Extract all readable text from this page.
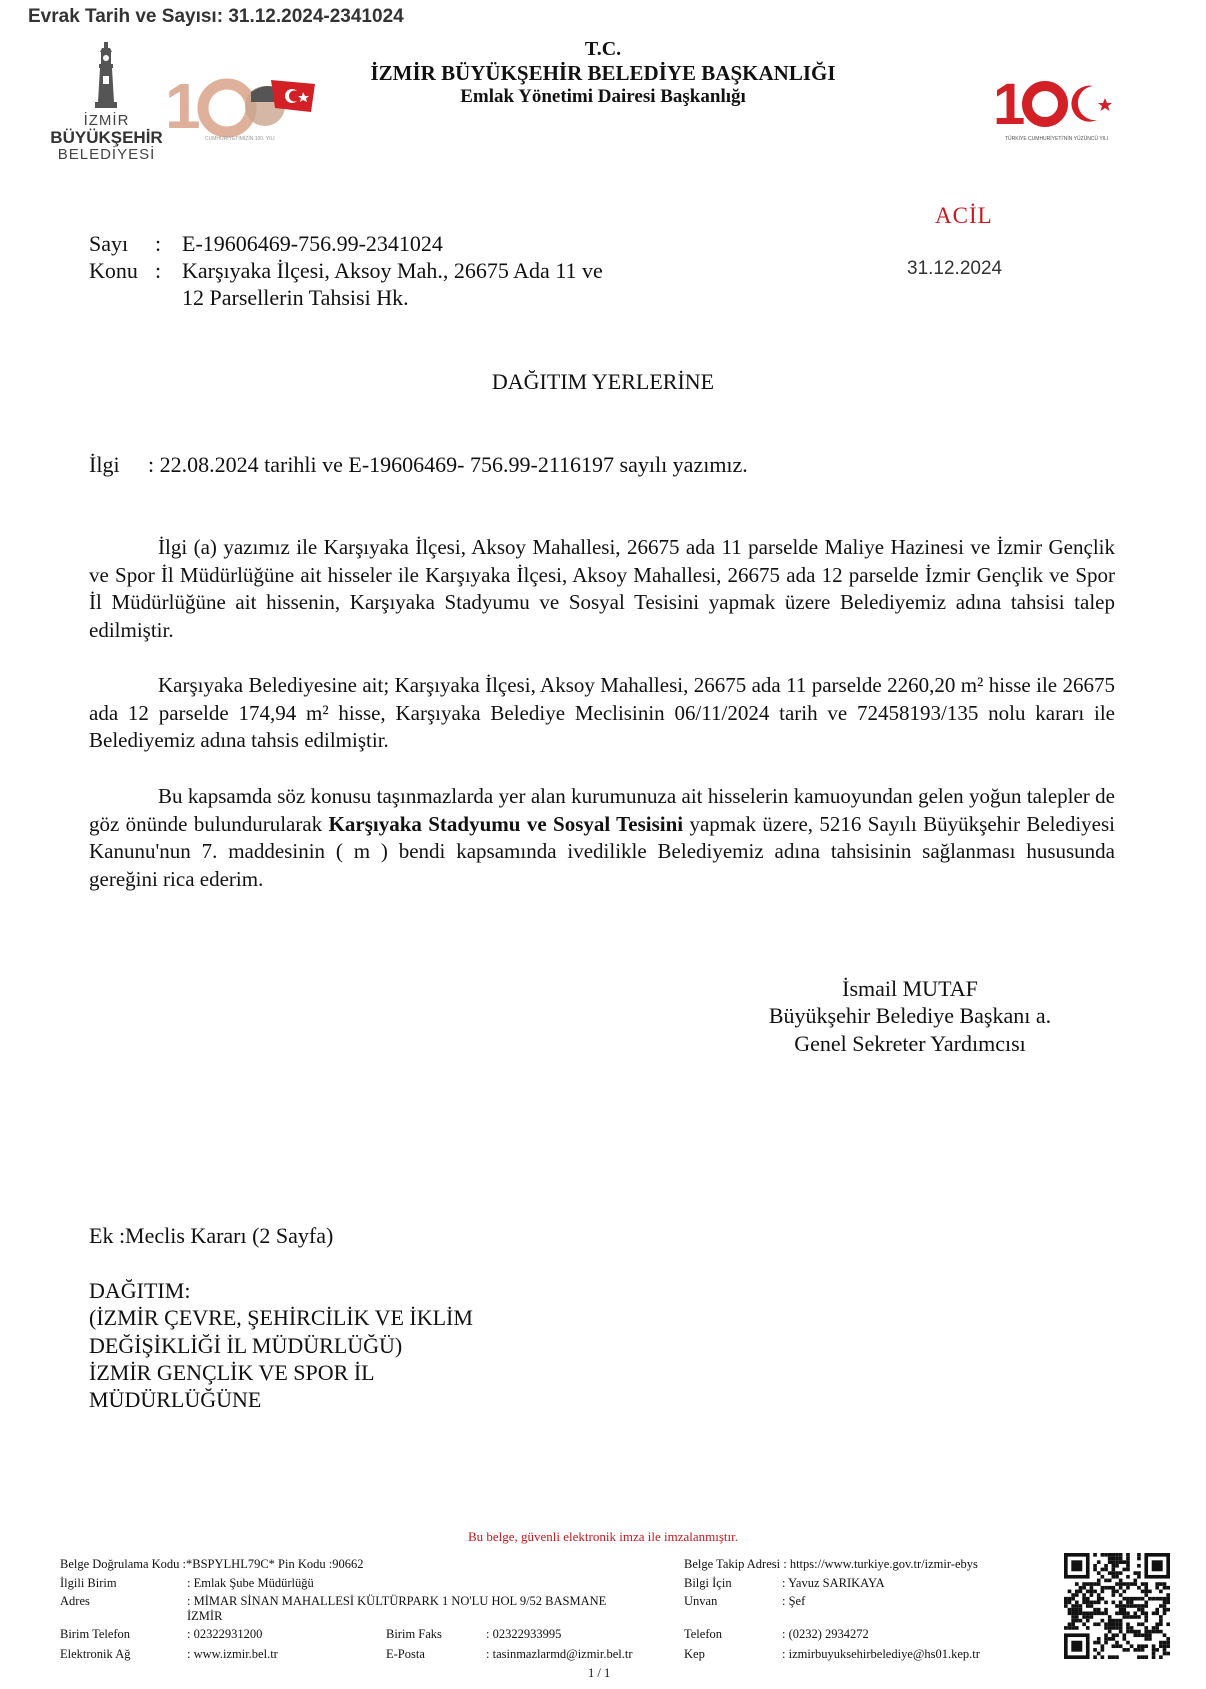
Evrak Tarih ve Sayısı: 31.12.2024-2341024
İZMİR
BÜYÜKŞEHİR
BELEDİYESİ
1 CUMHURİYETİMİZİN 100. YILI
1
TÜRKİYE CUMHURİYETİ'NİN YÜZÜNCÜ YILI
T.C.
İZMİR BÜYÜKŞEHİR BELEDİYE BAŞKANLIĞI
Emlak Yönetimi Dairesi Başkanlığı
ACİL
31.12.2024
Sayı : E-19606469-756.99-2341024
Konu : Karşıyaka İlçesi, Aksoy Mah., 26675 Ada 11 ve
12 Parsellerin Tahsisi Hk.
DAĞITIM YERLERİNE
İlgi : 22.08.2024 tarihli ve E-19606469- 756.99-2116197 sayılı yazımız.
İlgi (a) yazımız ile Karşıyaka İlçesi, Aksoy Mahallesi, 26675 ada 11 parselde Maliye Hazinesi ve İzmir Gençlik ve Spor İl Müdürlüğüne ait hisseler ile Karşıyaka İlçesi, Aksoy Mahallesi, 26675 ada 12 parselde İzmir Gençlik ve Spor İl Müdürlüğüne ait hissenin, Karşıyaka Stadyumu ve Sosyal Tesisini yapmak üzere Belediyemiz adına tahsisi talep edilmiştir.
Karşıyaka Belediyesine ait; Karşıyaka İlçesi, Aksoy Mahallesi, 26675 ada 11 parselde 2260,20 m² hisse ile 26675 ada 12 parselde 174,94 m² hisse, Karşıyaka Belediye Meclisinin 06/11/2024 tarih ve 72458193/135 nolu kararı ile Belediyemiz adına tahsis edilmiştir.
Bu kapsamda söz konusu taşınmazlarda yer alan kurumunuza ait hisselerin kamuoyundan gelen yoğun talepler de göz önünde bulundurularak Karşıyaka Stadyumu ve Sosyal Tesisini yapmak üzere, 5216 Sayılı Büyükşehir Belediyesi Kanunu'nun 7. maddesinin ( m ) bendi kapsamında ivedilikle Belediyemiz adına tahsisinin sağlanması hususunda gereğini rica ederim.
İsmail MUTAF
Büyükşehir Belediye Başkanı a.
Genel Sekreter Yardımcısı
Ek :Meclis Kararı (2 Sayfa)
DAĞITIM:
(İZMİR ÇEVRE, ŞEHİRCİLİK VE İKLİM
DEĞİŞİKLİĞİ İL MÜDÜRLÜĞÜ)
İZMİR GENÇLİK VE SPOR İL
MÜDÜRLÜĞÜNE
Bu belge, güvenli elektronik imza ile imzalanmıştır.
Belge Doğrulama Kodu :*BSPYLHL79C* Pin Kodu :90662	Belge Takip Adresi : https://www.turkiye.gov.tr/izmir-ebys
İlgili Birim	: Emlak Şube Müdürlüğü	Bilgi İçin	: Yavuz SARIKAYA
Adres	: MİMAR SİNAN MAHALLESİ KÜLTÜRPARK 1 NO'LU HOL 9/52 BASMANE
İZMİR
Unvan	: Şef
Birim Telefon	: 02322931200	Birim Faks	: 02322933995	Telefon	: (0232) 2934272
Elektronik Ağ	: www.izmir.bel.tr	E-Posta	: tasinmazlarmd@izmir.bel.tr	Kep	: izmirbuyuksehirbelediye@hs01.kep.tr
1 / 1
